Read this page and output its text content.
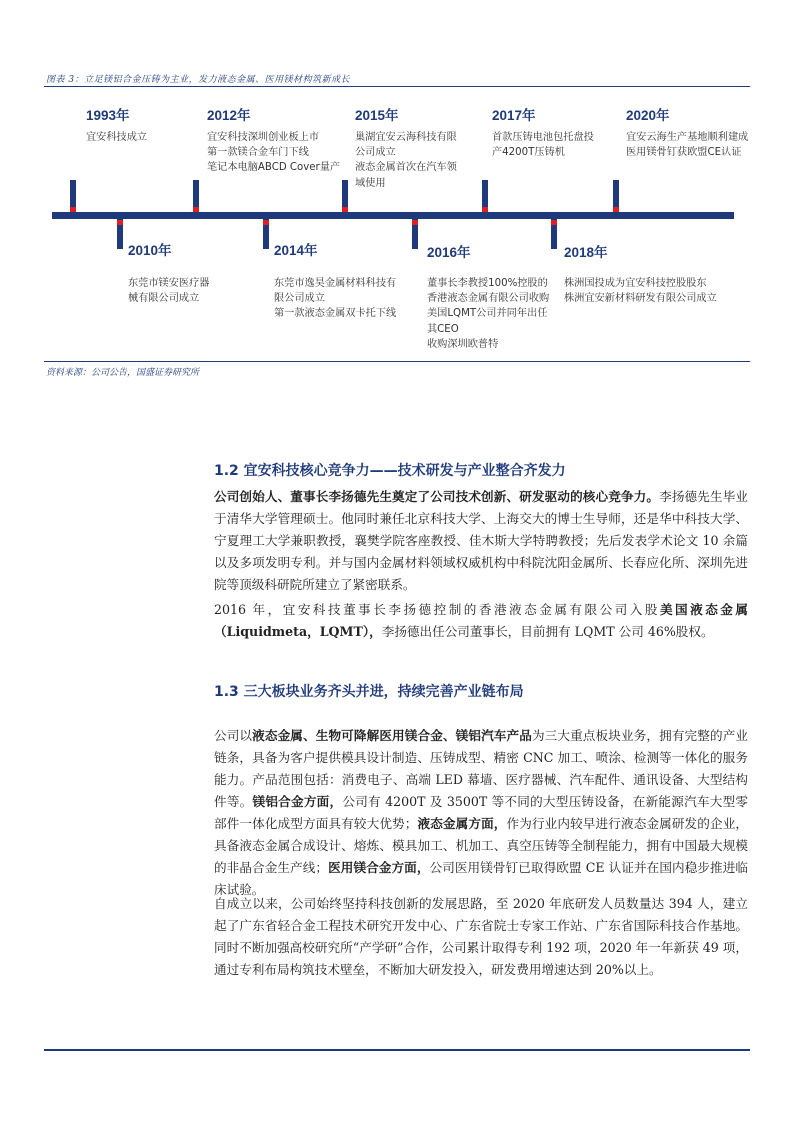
图表 3：立足镁铝合金压铸为主业，发力液态金属、医用镁材构筑新成长
1993年
宜安科技成立
2010年
东莞市镁安医疗器
械有限公司成立
2012年
宜安科技深圳创业板上市
第一款镁合金车门下线
笔记本电脑ABCD Cover量产
2014年
东莞市逸昊金属材料科技有
限公司成立
第一款液态金属双卡托下线
2015年
巢湖宜安云海科技有限
公司成立
液态金属首次在汽车领
域使用
2016年
董事长李教授100%控股的
香港液态金属有限公司收购
美国LQMT公司并同年出任
其CEO
收购深圳欧普特
2017年
首款压铸电池包托盘投
产4200T压铸机
2018年
株洲国投成为宜安科技控股股东
株洲宜安新材料研发有限公司成立
2020年
宜安云海生产基地顺利建成
医用镁骨钉获欧盟CE认证
资料来源：公司公告，国盛证券研究所
1.2 宜安科技核心竞争力——技术研发与产业整合齐发力
公司创始人、董事长李扬德先生奠定了公司技术创新、研发驱动的核心竞争力。李扬德先生毕业于清华大学管理硕士。他同时兼任北京科技大学、上海交大的博士生导师，还是华中科技大学、宁夏理工大学兼职教授，襄樊学院客座教授、佳木斯大学特聘教授；先后发表学术论文 10 余篇以及多项发明专利。并与国内金属材料领域权威机构中科院沈阳金属所、长春应化所、深圳先进院等顶级科研院所建立了紧密联系。
2016 年，宜安科技董事长李扬德控制的香港液态金属有限公司入股美国液态金属（Liquidmeta，LQMT），李扬德出任公司董事长，目前拥有 LQMT 公司 46%股权。
1.3 三大板块业务齐头并进，持续完善产业链布局
公司以液态金属、生物可降解医用镁合金、镁铝汽车产品为三大重点板块业务，拥有完整的产业链条，具备为客户提供模具设计制造、压铸成型、精密 CNC 加工、喷涂、检测等一体化的服务能力。产品范围包括：消费电子、高端 LED 幕墙、医疗器械、汽车配件、通讯设备、大型结构件等。镁铝合金方面，公司有 4200T 及 3500T 等不同的大型压铸设备，在新能源汽车大型零部件一体化成型方面具有较大优势；液态金属方面，作为行业内较早进行液态金属研发的企业，具备液态金属合成设计、熔炼、模具加工、机加工、真空压铸等全制程能力，拥有中国最大规模的非晶合金生产线；医用镁合金方面，公司医用镁骨钉已取得欧盟 CE 认证并在国内稳步推进临床试验。
自成立以来，公司始终坚持科技创新的发展思路，至 2020 年底研发人员数量达 394 人，建立起了广东省轻合金工程技术研究开发中心、广东省院士专家工作站、广东省国际科技合作基地。同时不断加强高校研究所“产学研”合作，公司累计取得专利 192 项，2020 年一年新获 49 项，通过专利布局构筑技术壁垒，不断加大研发投入，研发费用增速达到 20%以上。
